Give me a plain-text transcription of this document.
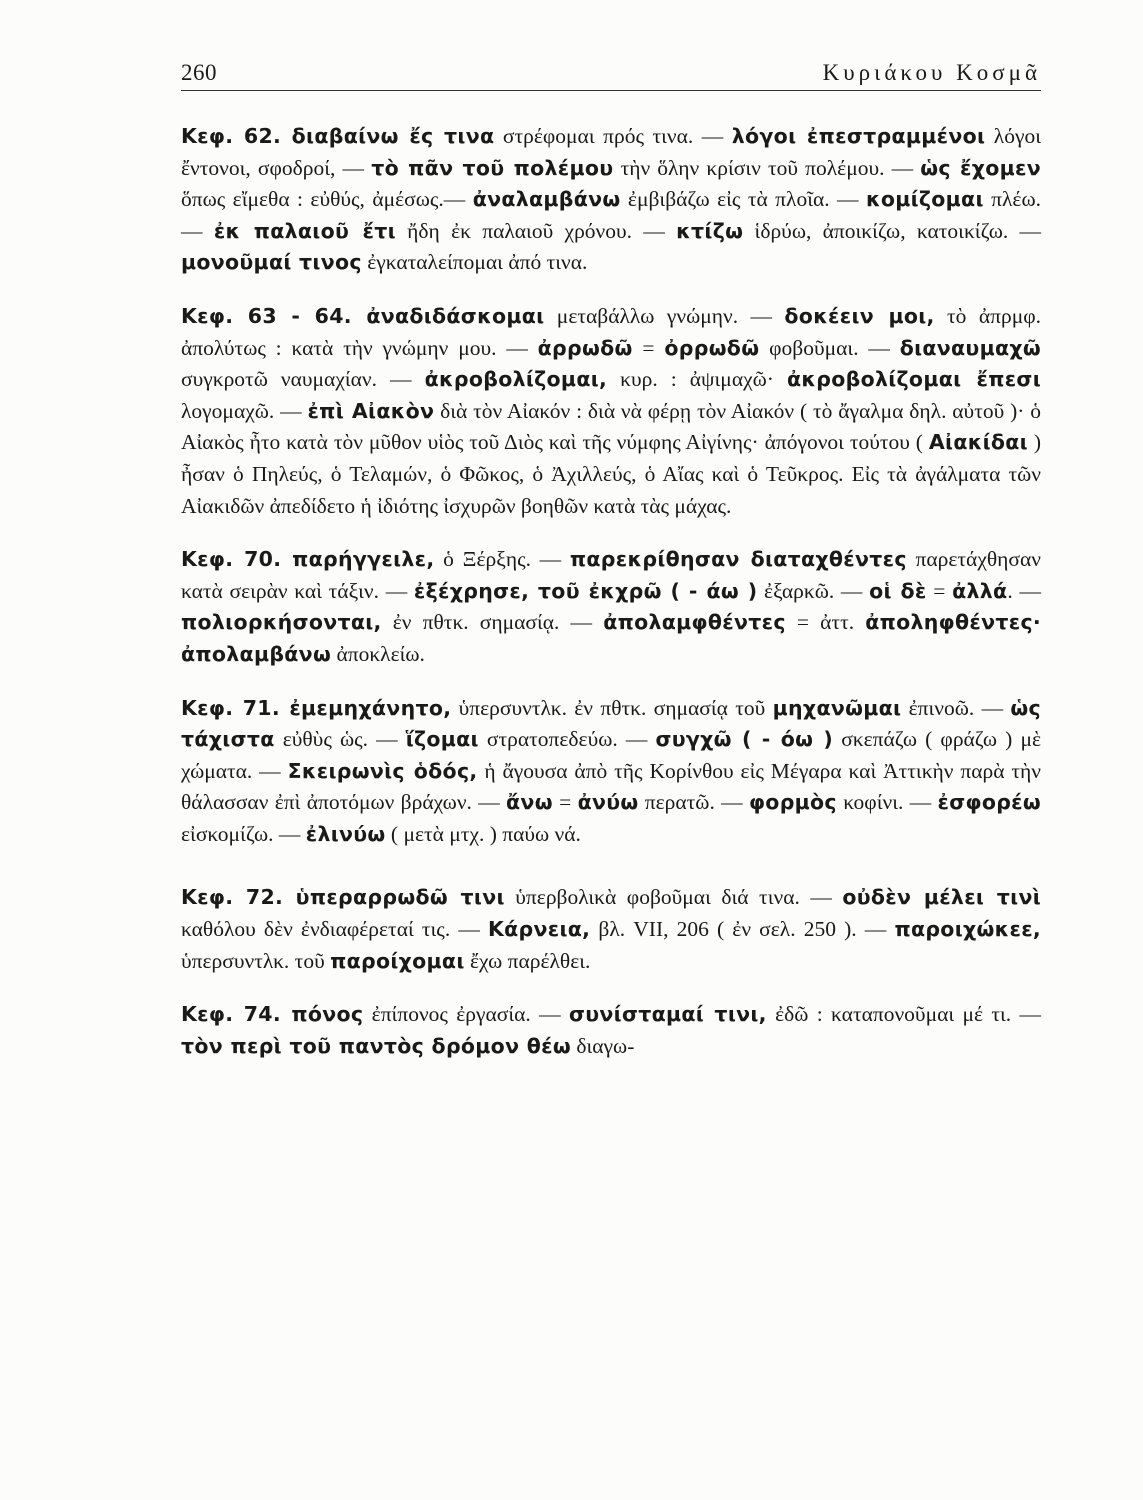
260	Κυριάκου Κοσμᾶ

Κεφ. 62. διαβαίνω ἔς τινα στρέφομαι πρός τινα. — λόγοι ἐπεστραμμένοι λόγοι ἔντονοι, σφοδροί, — τὸ πᾶν τοῦ πολέμου τὴν ὅλην κρίσιν τοῦ πολέμου. — ὡς ἔχομεν ὅπως εἴμεθα : εὐθύς, ἀμέσως.— ἀναλαμβάνω ἐμβιβάζω εἰς τὰ πλοῖα. — κομίζομαι πλέω. — ἐκ παλαιοῦ ἔτι ἤδη ἐκ παλαιοῦ χρόνου. — κτίζω ἱδρύω, ἀποικίζω, κατοικίζω. — μονοῦμαί τινος ἐγκαταλείπομαι ἀπό τινα.

Κεφ. 63 - 64. ἀναδιδάσκομαι μεταβάλλω γνώμην. — δοκέειν μοι, τὸ ἀπρμφ. ἀπολύτως : κατὰ τὴν γνώμην μου. — ἀρρωδῶ = ὀρρωδῶ φοβοῦμαι. — διαναυμαχῶ συγκροτῶ ναυμαχίαν. — ἀκροβολίζομαι, κυρ. : ἀψιμαχῶ· ἀκροβολίζομαι ἔπεσι λογομαχῶ. — ἐπὶ Αἰακὸν διὰ τὸν Αἰακόν : διὰ νὰ φέρῃ τὸν Αἰακόν ( τὸ ἄγαλμα δηλ. αὐτοῦ )· ὁ Αἰακὸς ἦτο κατὰ τὸν μῦθον υἱὸς τοῦ Διὸς καὶ τῆς νύμφης Αἰγίνης· ἀπόγονοι τούτου ( Αἰακίδαι ) ἦσαν ὁ Πηλεύς, ὁ Τελαμών, ὁ Φῶκος, ὁ Ἀχιλλεύς, ὁ Αἴας καὶ ὁ Τεῦκρος. Εἰς τὰ ἀγάλματα τῶν Αἰακιδῶν ἀπεδίδετο ἡ ἰδιότης ἰσχυρῶν βοηθῶν κατὰ τὰς μάχας.

Κεφ. 70. παρήγγειλε, ὁ Ξέρξης. — παρεκρίθησαν διαταχθέντες παρετάχθησαν κατὰ σειρὰν καὶ τάξιν. — ἐξέχρησε, τοῦ ἐκχρῶ ( - άω ) ἐξαρκῶ. — οἱ δὲ = ἀλλά. — πολιορκήσονται, ἐν πθτκ. σημασίᾳ. — ἀπολαμφθέντες = ἀττ. ἀποληφθέντες· ἀπολαμβάνω ἀποκλείω.

Κεφ. 71. ἐμεμηχάνητο, ὑπερσυντλκ. ἐν πθτκ. σημασίᾳ τοῦ μηχανῶμαι ἐπινοῶ. — ὡς τάχιστα εὐθὺς ὡς. — ἵζομαι στρατοπεδεύω. — συγχῶ ( - όω ) σκεπάζω ( φράζω ) μὲ χώματα. — Σκειρωνὶς ὁδός, ἡ ἄγουσα ἀπὸ τῆς Κορίνθου εἰς Μέγαρα καὶ Ἀττικὴν παρὰ τὴν θάλασσαν ἐπὶ ἀποτόμων βράχων. — ἄνω = ἀνύω περατῶ. — φορμὸς κοφίνι. — ἐσφορέω εἰσκομίζω. — ἐλινύω ( μετὰ μτχ. ) παύω νά.

Κεφ. 72. ὑπεραρρωδῶ τινι ὑπερβολικὰ φοβοῦμαι διά τινα. — οὐδὲν μέλει τινὶ καθόλου δὲν ἐνδιαφέρεταί τις. — Κάρνεια, βλ. VII, 206 ( ἐν σελ. 250 ). — παροιχώκεε, ὑπερσυντλκ. τοῦ παροίχομαι ἔχω παρέλθει.

Κεφ. 74. πόνος ἐπίπονος ἐργασία. — συνίσταμαί τινι, ἐδῶ : καταπονοῦμαι μέ τι. — τὸν περὶ τοῦ παντὸς δρόμον θέω διαγω-
